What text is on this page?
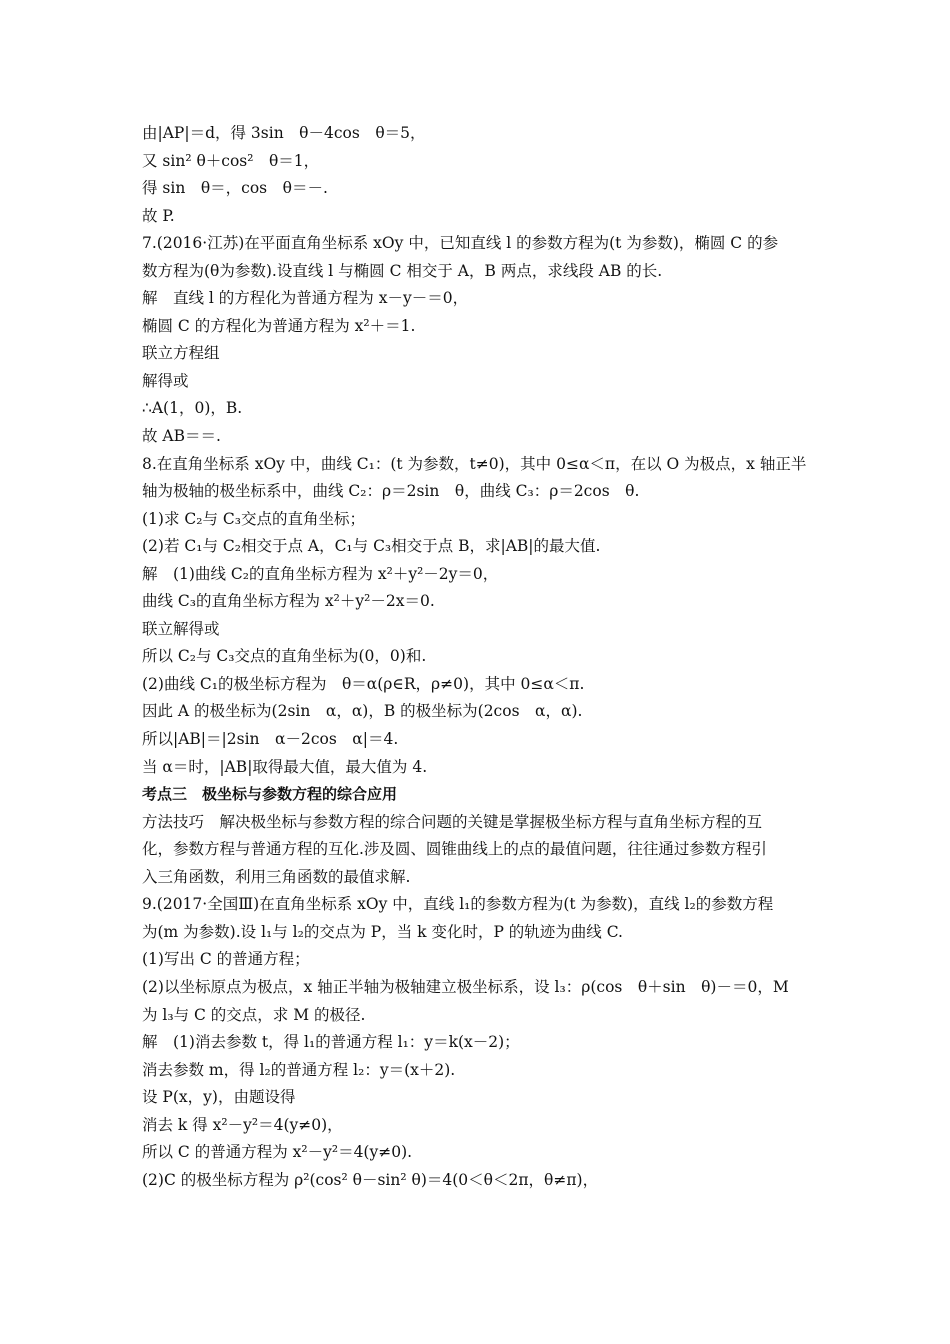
由|AP|＝d，得 3sin　θ－4cos　θ＝5，
又 sin² θ＋cos²　θ＝1，
得 sin　θ＝，cos　θ＝－.
故 P.
7.(2016·江苏)在平面直角坐标系 xOy 中，已知直线 l 的参数方程为(t 为参数)，椭圆 C 的参
数方程为(θ为参数).设直线 l 与椭圆 C 相交于 A，B 两点，求线段 AB 的长.
解　直线 l 的方程化为普通方程为 x－y－＝0，
椭圆 C 的方程化为普通方程为 x²＋＝1.
联立方程组
解得或
∴A(1，0)，B.
故 AB＝＝.
8.在直角坐标系 xOy 中，曲线 C₁：(t 为参数，t≠0)，其中 0≤α＜π，在以 O 为极点，x 轴正半
轴为极轴的极坐标系中，曲线 C₂：ρ＝2sin　θ，曲线 C₃：ρ＝2cos　θ.
(1)求 C₂与 C₃交点的直角坐标；
(2)若 C₁与 C₂相交于点 A，C₁与 C₃相交于点 B，求|AB|的最大值.
解　(1)曲线 C₂的直角坐标方程为 x²＋y²－2y＝0，
曲线 C₃的直角坐标方程为 x²＋y²－2x＝0.
联立解得或
所以 C₂与 C₃交点的直角坐标为(0，0)和.
(2)曲线 C₁的极坐标方程为　θ＝α(ρ∈R，ρ≠0)，其中 0≤α＜π.
因此 A 的极坐标为(2sin　α，α)，B 的极坐标为(2cos　α，α).
所以|AB|＝|2sin　α－2cos　α|＝4.
当 α＝时，|AB|取得最大值，最大值为 4.
考点三　极坐标与参数方程的综合应用
方法技巧　解决极坐标与参数方程的综合问题的关键是掌握极坐标方程与直角坐标方程的互
化，参数方程与普通方程的互化.涉及圆、圆锥曲线上的点的最值问题，往往通过参数方程引
入三角函数，利用三角函数的最值求解.
9.(2017·全国Ⅲ)在直角坐标系 xOy 中，直线 l₁的参数方程为(t 为参数)，直线 l₂的参数方程
为(m 为参数).设 l₁与 l₂的交点为 P，当 k 变化时，P 的轨迹为曲线 C.
(1)写出 C 的普通方程；
(2)以坐标原点为极点，x 轴正半轴为极轴建立极坐标系，设 l₃：ρ(cos　θ＋sin　θ)－＝0，M
为 l₃与 C 的交点，求 M 的极径.
解　(1)消去参数 t，得 l₁的普通方程 l₁：y＝k(x－2)；
消去参数 m，得 l₂的普通方程 l₂：y＝(x＋2).
设 P(x，y)，由题设得
消去 k 得 x²－y²＝4(y≠0)，
所以 C 的普通方程为 x²－y²＝4(y≠0).
(2)C 的极坐标方程为 ρ²(cos² θ－sin² θ)＝4(0＜θ＜2π，θ≠π)，
